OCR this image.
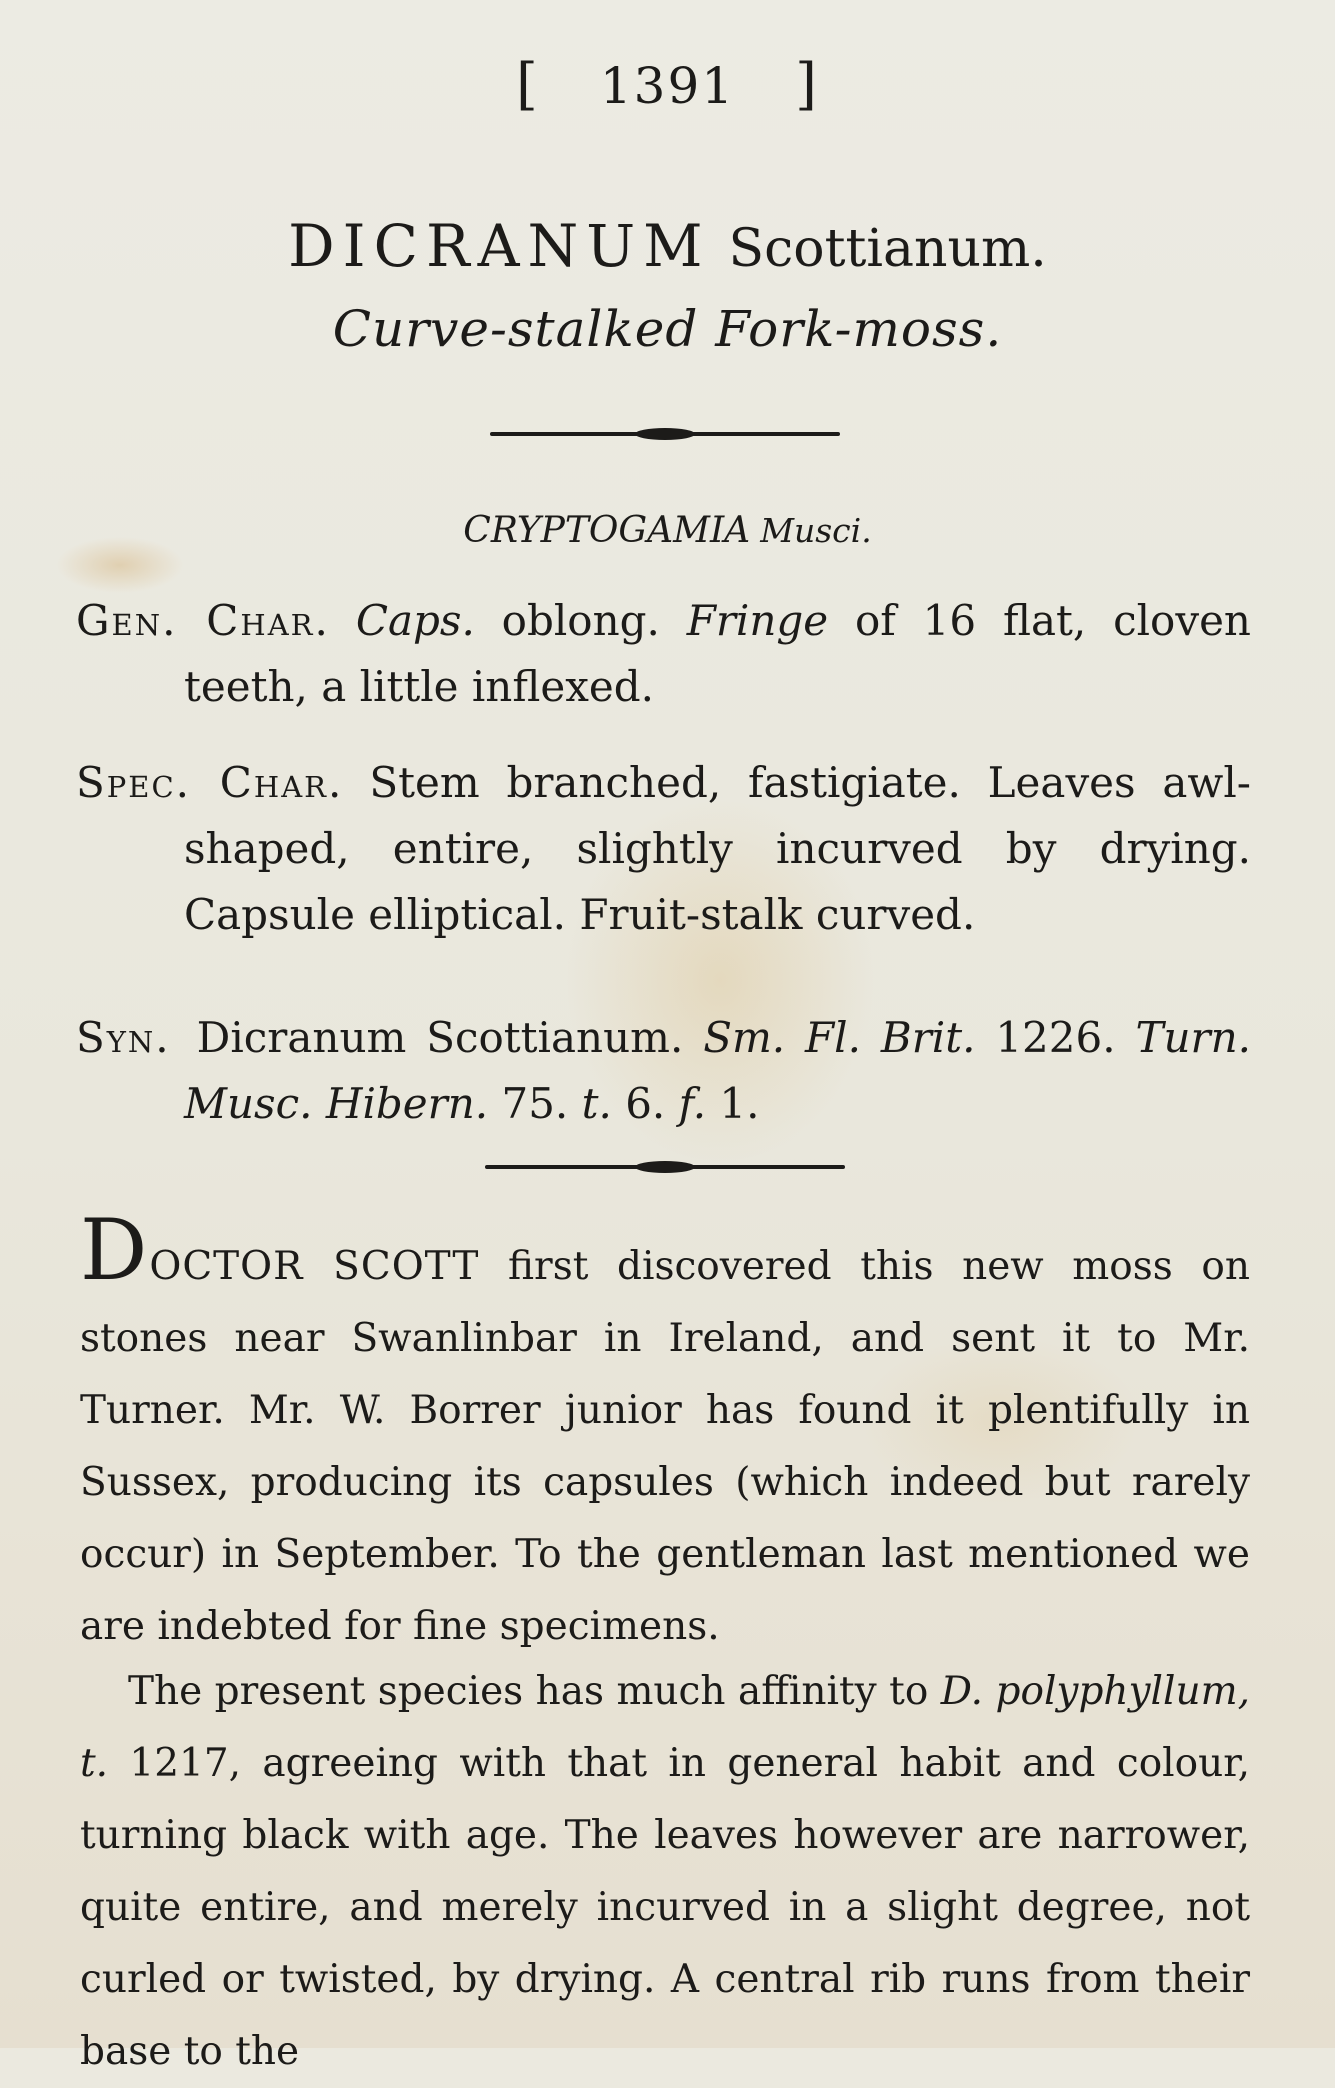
[ 1391 ]
DICRANUM Scottianum.
Curve-stalked Fork-moss.
CRYPTOGAMIA Musci.
Gen. Char. Caps. oblong. Fringe of 16 flat, cloven teeth, a little inflexed.
Spec. Char. Stem branched, fastigiate. Leaves awl-shaped, entire, slightly incurved by drying. Capsule elliptical. Fruit-stalk curved.
Syn. Dicranum Scottianum. Sm. Fl. Brit. 1226. Turn. Musc. Hibern. 75. t. 6. f. 1.
DOCTOR SCOTT first discovered this new moss on stones near Swanlinbar in Ireland, and sent it to Mr. Turner. Mr. W. Borrer junior has found it plentifully in Sussex, producing its capsules (which indeed but rarely occur) in September. To the gentleman last mentioned we are indebted for fine specimens.
The present species has much affinity to D. polyphyllum, t. 1217, agreeing with that in general habit and colour, turning black with age. The leaves however are narrower, quite entire, and merely incurved in a slight degree, not curled or twisted, by drying. A central rib runs from their base to the
